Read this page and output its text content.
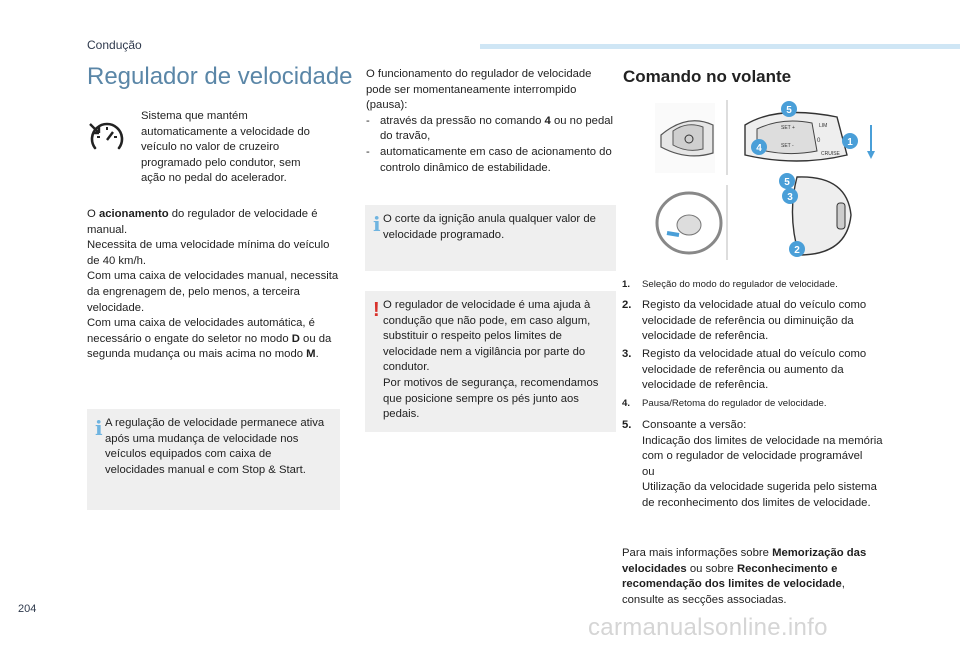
Condução
Regulador de velocidade
Sistema que mantém automaticamente a velocidade do veículo no valor de cruzeiro programado pelo condutor, sem ação no pedal do acelerador.
O acionamento do regulador de velocidade é manual.
Necessita de uma velocidade mínima do veículo de 40 km/h.
Com uma caixa de velocidades manual, necessita da engrenagem de, pelo menos, a terceira velocidade.
Com uma caixa de velocidades automática, é necessário o engate do seletor no modo D ou da segunda mudança ou mais acima no modo M.
i A regulação de velocidade permanece ativa após uma mudança de velocidade nos veículos equipados com caixa de velocidades manual e com Stop & Start.
O funcionamento do regulador de velocidade pode ser momentaneamente interrompido (pausa):
- através da pressão no comando 4 ou no pedal do travão,
- automaticamente em caso de acionamento do controlo dinâmico de estabilidade.
i O corte da ignição anula qualquer valor de velocidade programado.
! O regulador de velocidade é uma ajuda à condução que não pode, em caso algum, substituir o respeito pelos limites de velocidade nem a vigilância por parte do condutor.
Por motivos de segurança, recomendamos que posicione sempre os pés junto aos pedais.
Comando no volante
SET +
SET -
LIM
CRUISE
0
5
4
1
5
3
2
1. Seleção do modo do regulador de velocidade.
2. Registo da velocidade atual do veículo como velocidade de referência ou diminuição da velocidade de referência.
3. Registo da velocidade atual do veículo como velocidade de referência ou aumento da velocidade de referência.
4. Pausa/Retoma do regulador de velocidade.
5. Consoante a versão:
Indicação dos limites de velocidade na memória com o regulador de velocidade programável
ou
Utilização da velocidade sugerida pelo sistema de reconhecimento dos limites de velocidade.
Para mais informações sobre Memorização das velocidades ou sobre Reconhecimento e recomendação dos limites de velocidade, consulte as secções associadas.
204
carmanualsonline.info
